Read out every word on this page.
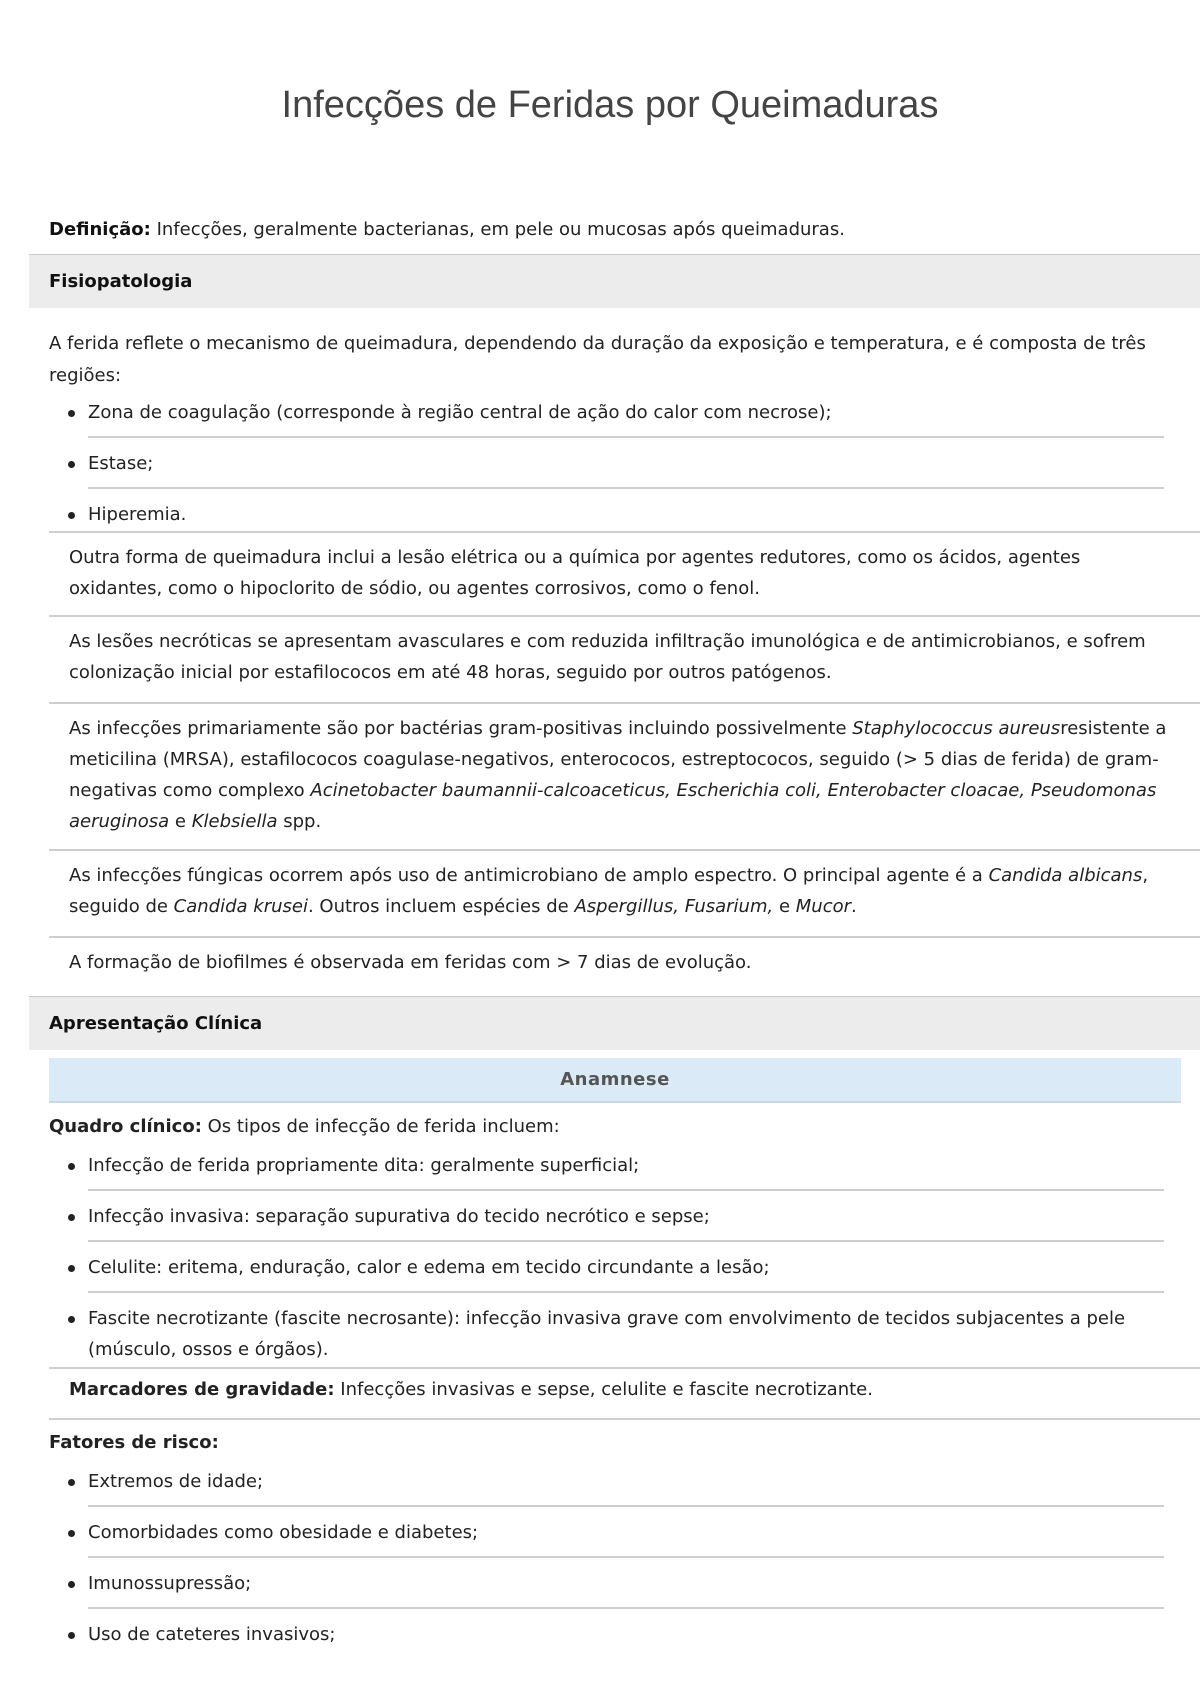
Infecções de Feridas por Queimaduras
Definição: Infecções, geralmente bacterianas, em pele ou mucosas após queimaduras.
Fisiopatologia
A ferida reflete o mecanismo de queimadura, dependendo da duração da exposição e temperatura, e é composta de três regiões:
Zona de coagulação (corresponde à região central de ação do calor com necrose);
Estase;
Hiperemia.
Outra forma de queimadura inclui a lesão elétrica ou a química por agentes redutores, como os ácidos, agentes oxidantes, como o hipoclorito de sódio, ou agentes corrosivos, como o fenol.
As lesões necróticas se apresentam avasculares e com reduzida infiltração imunológica e de antimicrobianos, e sofrem colonização inicial por estafilococos em até 48 horas, seguido por outros patógenos.
As infecções primariamente são por bactérias gram-positivas incluindo possivelmente Staphylococcus aureusresistente a meticilina (MRSA), estafilococos coagulase-negativos, enterococos, estreptococos, seguido (> 5 dias de ferida) de gram-negativas como complexo Acinetobacter baumannii-calcoaceticus, Escherichia coli, Enterobacter cloacae, Pseudomonas aeruginosa e Klebsiella spp.
As infecções fúngicas ocorrem após uso de antimicrobiano de amplo espectro. O principal agente é a Candida albicans, seguido de Candida krusei. Outros incluem espécies de Aspergillus, Fusarium, e Mucor.
A formação de biofilmes é observada em feridas com > 7 dias de evolução.
Apresentação Clínica
Anamnese
Quadro clínico: Os tipos de infecção de ferida incluem:
Infecção de ferida propriamente dita: geralmente superficial;
Infecção invasiva: separação supurativa do tecido necrótico e sepse;
Celulite: eritema, enduração, calor e edema em tecido circundante a lesão;
Fascite necrotizante (fascite necrosante): infecção invasiva grave com envolvimento de tecidos subjacentes a pele (músculo, ossos e órgãos).
Marcadores de gravidade: Infecções invasivas e sepse, celulite e fascite necrotizante.
Fatores de risco:
Extremos de idade;
Comorbidades como obesidade e diabetes;
Imunossupressão;
Uso de cateteres invasivos;
